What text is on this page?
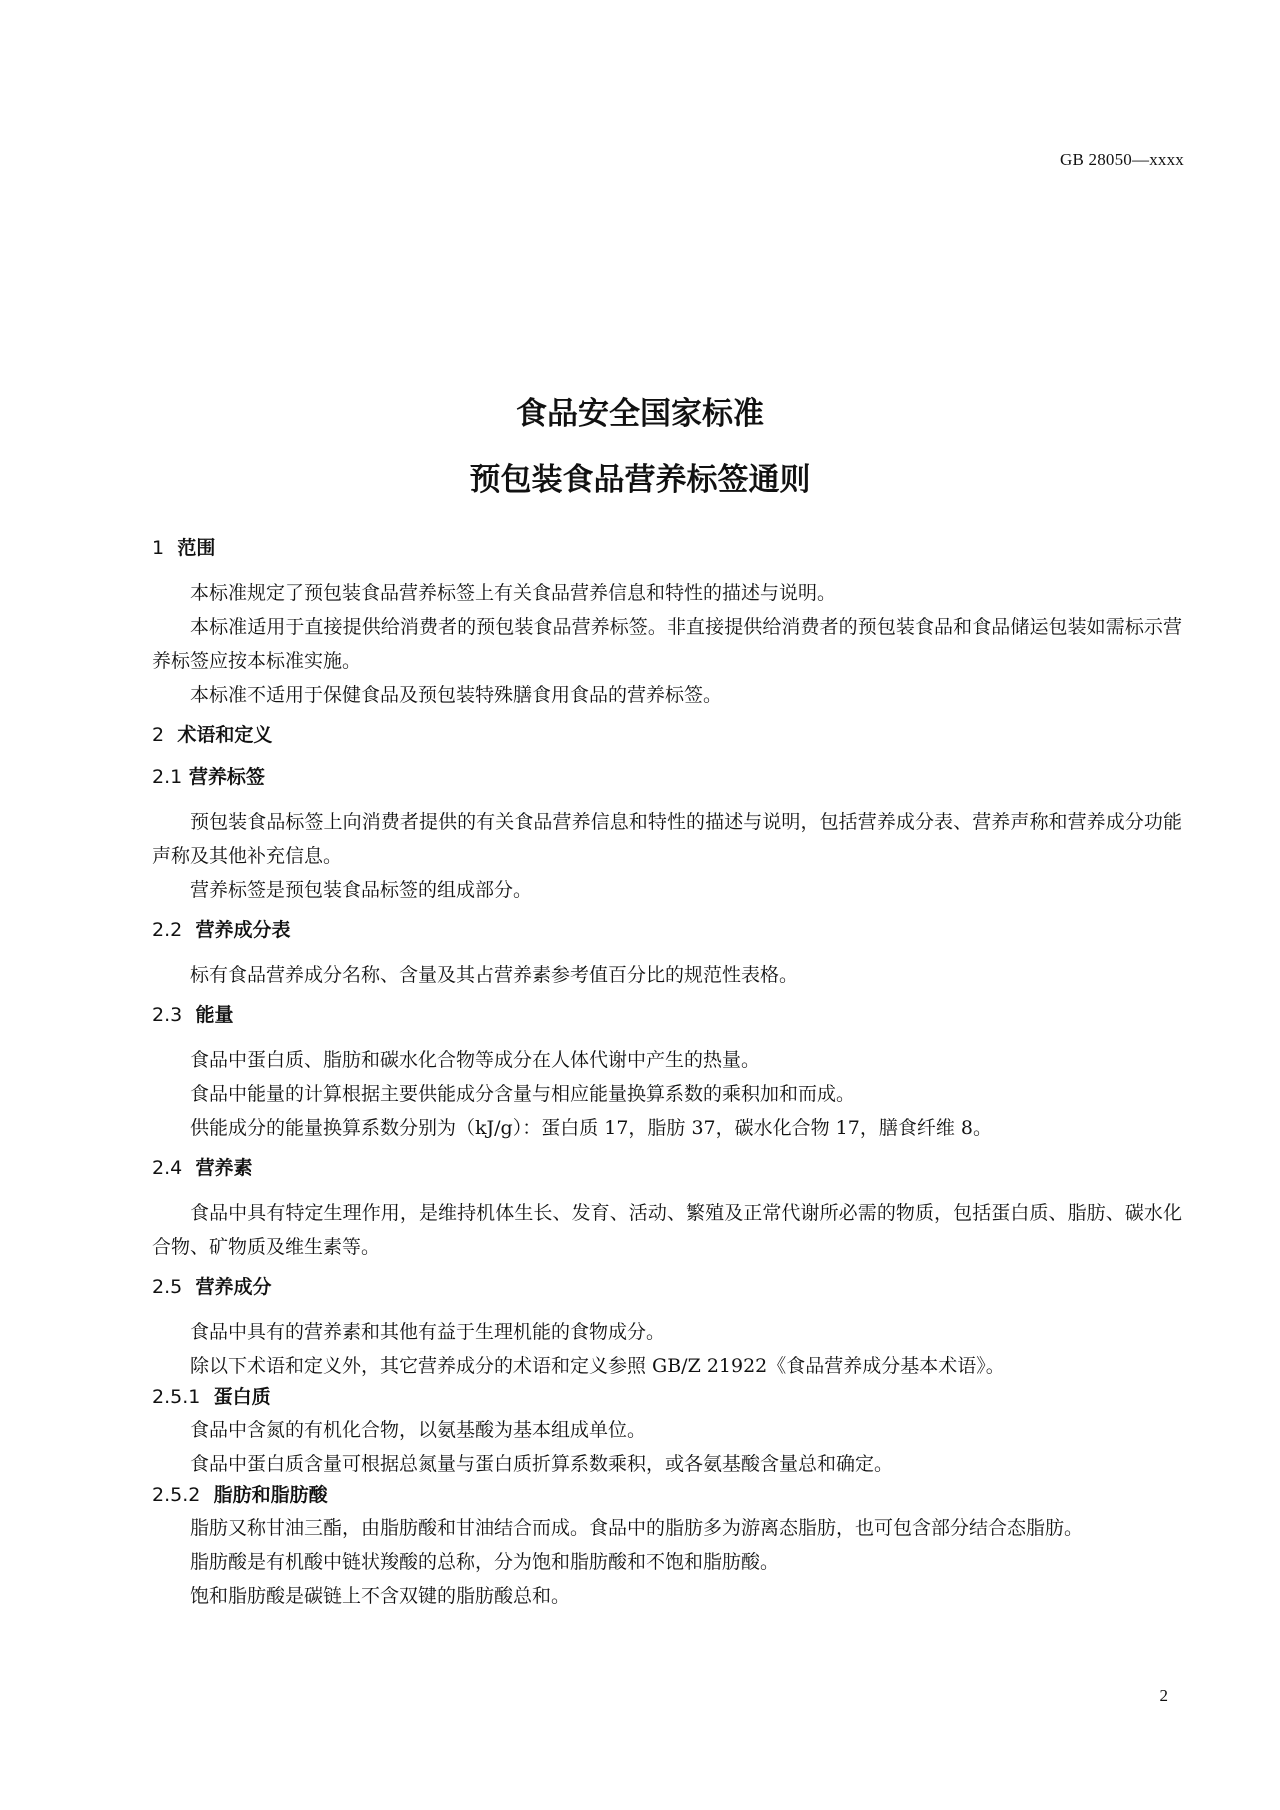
GB 28050—xxxx
食品安全国家标准
预包装食品营养标签通则
1 范围

本标准规定了预包装食品营养标签上有关食品营养信息和特性的描述与说明。

本标准适用于直接提供给消费者的预包装食品营养标签。非直接提供给消费者的预包装食品和食品储运包装如需标示营养标签应按本标准实施。

本标准不适用于保健食品及预包装特殊膳食用食品的营养标签。

2 术语和定义
2.1 营养标签

预包装食品标签上向消费者提供的有关食品营养信息和特性的描述与说明，包括营养成分表、营养声称和营养成分功能声称及其他补充信息。

营养标签是预包装食品标签的组成部分。

2.2 营养成分表

标有食品营养成分名称、含量及其占营养素参考值百分比的规范性表格。

2.3 能量

食品中蛋白质、脂肪和碳水化合物等成分在人体代谢中产生的热量。

食品中能量的计算根据主要供能成分含量与相应能量换算系数的乘积加和而成。

供能成分的能量换算系数分别为（kJ/g）：蛋白质 17，脂肪 37，碳水化合物 17，膳食纤维 8。

2.4 营养素

食品中具有特定生理作用，是维持机体生长、发育、活动、繁殖及正常代谢所必需的物质，包括蛋白质、脂肪、碳水化合物、矿物质及维生素等。

2.5 营养成分

食品中具有的营养素和其他有益于生理机能的食物成分。

除以下术语和定义外，其它营养成分的术语和定义参照 GB/Z 21922《食品营养成分基本术语》。

2.5.1 蛋白质

食品中含氮的有机化合物，以氨基酸为基本组成单位。

食品中蛋白质含量可根据总氮量与蛋白质折算系数乘积，或各氨基酸含量总和确定。

2.5.2 脂肪和脂肪酸

脂肪又称甘油三酯，由脂肪酸和甘油结合而成。食品中的脂肪多为游离态脂肪，也可包含部分结合态脂肪。

脂肪酸是有机酸中链状羧酸的总称，分为饱和脂肪酸和不饱和脂肪酸。

饱和脂肪酸是碳链上不含双键的脂肪酸总和。

2
